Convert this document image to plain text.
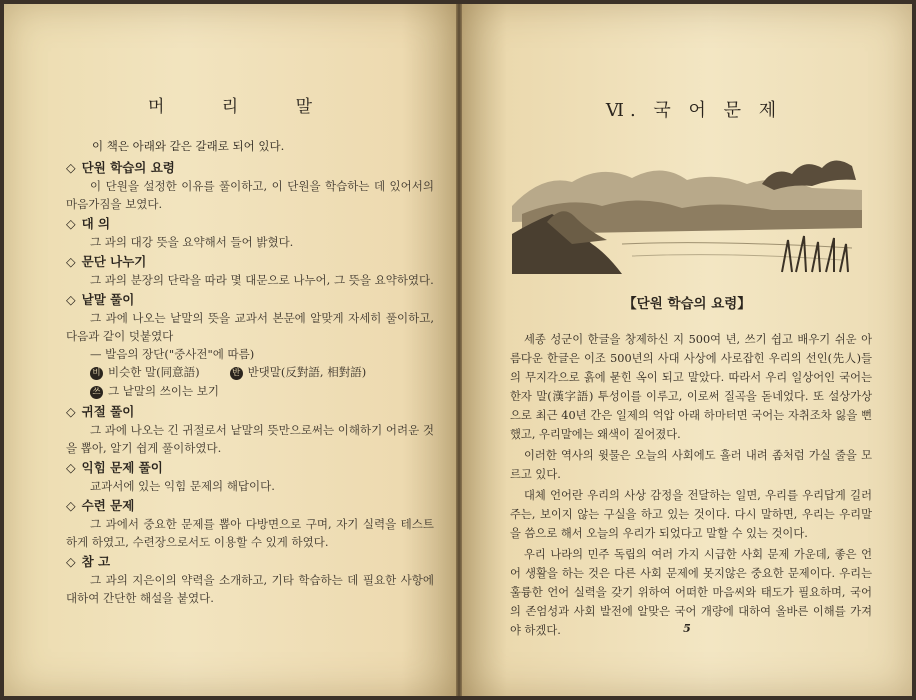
머 리 말
이 책은 아래와 같은 갈래로 되어 있다.
◇ 단원 학습의 요령
이 단원을 설정한 이유를 풀이하고, 이 단원을 학습하는 데 있어서의 마음가짐을 보였다.
◇ 대 의
그 과의 대강 뜻을 요약해서 들어 밝혔다.
◇ 문단 나누기
그 과의 분장의 단락을 따라 몇 대문으로 나누어, 그 뜻을 요약하였다.
◇ 낱말 풀이
그 과에 나오는 낱말의 뜻을 교과서 본문에 알맞게 자세히 풀이하고, 다음과 같이 덧붙였다
— 발음의 장단("중사전"에 따름)
비 비슷한 말(同意語)	반 반댓말(反對語, 相對語)
쓰 그 낱말의 쓰이는 보기
◇ 귀절 풀이
그 과에 나오는 긴 귀절로서 낱말의 뜻만으로써는 이해하기 어려운 것을 뽑아, 알기 쉽게 풀이하였다.
◇ 익힘 문제 풀이
교과서에 있는 익힘 문제의 해답이다.
◇ 수련 문제
그 과에서 중요한 문제를 뽑아 다방면으로 구며, 자기 실력을 테스트하게 하였고, 수련장으로서도 이용할 수 있게 하였다.
◇ 참 고
그 과의 지은이의 약력을 소개하고, 기타 학습하는 데 필요한 사항에 대하여 간단한 해설을 붙였다.
Ⅵ. 국 어 문 제
【단원 학습의 요령】

세종 성군이 한글을 창제하신 지 500여 년, 쓰기 쉽고 배우기 쉬운 아름다운 한글은 이조 500년의 사대 사상에 사로잡힌 우리의 선인(先人)들의 무지각으로 흙에 묻힌 옥이 되고 말았다. 따라서 우리 일상어인 국어는 한자 말(漢字語) 투성이를 이루고, 이로써 질곡을 돋네었다. 또 설상가상으로 최근 40년 간은 일제의 억압 아래 하마터면 국어는 자취조차 잃을 뻔했고, 우리말에는 왜색이 짙어졌다.

이러한 역사의 윗물은 오늘의 사회에도 흘러 내려 좀처럼 가실 줄을 모르고 있다.

대체 언어란 우리의 사상 감정을 전달하는 일면, 우리를 우리답게 길러주는, 보이지 않는 구실을 하고 있는 것이다. 다시 말하면, 우리는 우리말을 씀으로 해서 오늘의 우리가 되었다고 말할 수 있는 것이다.

우리 나라의 민주 독립의 여러 가지 시급한 사회 문제 가운데, 좋은 언어 생활을 하는 것은 다른 사회 문제에 못지않은 중요한 문제이다. 우리는 훌륭한 언어 실력을 갖기 위하여 어떠한 마음씨와 태도가 필요하며, 국어의 존엄성과 사회 발전에 알맞은 국어 개량에 대하여 올바른 이해를 가져야 하겠다.	5
